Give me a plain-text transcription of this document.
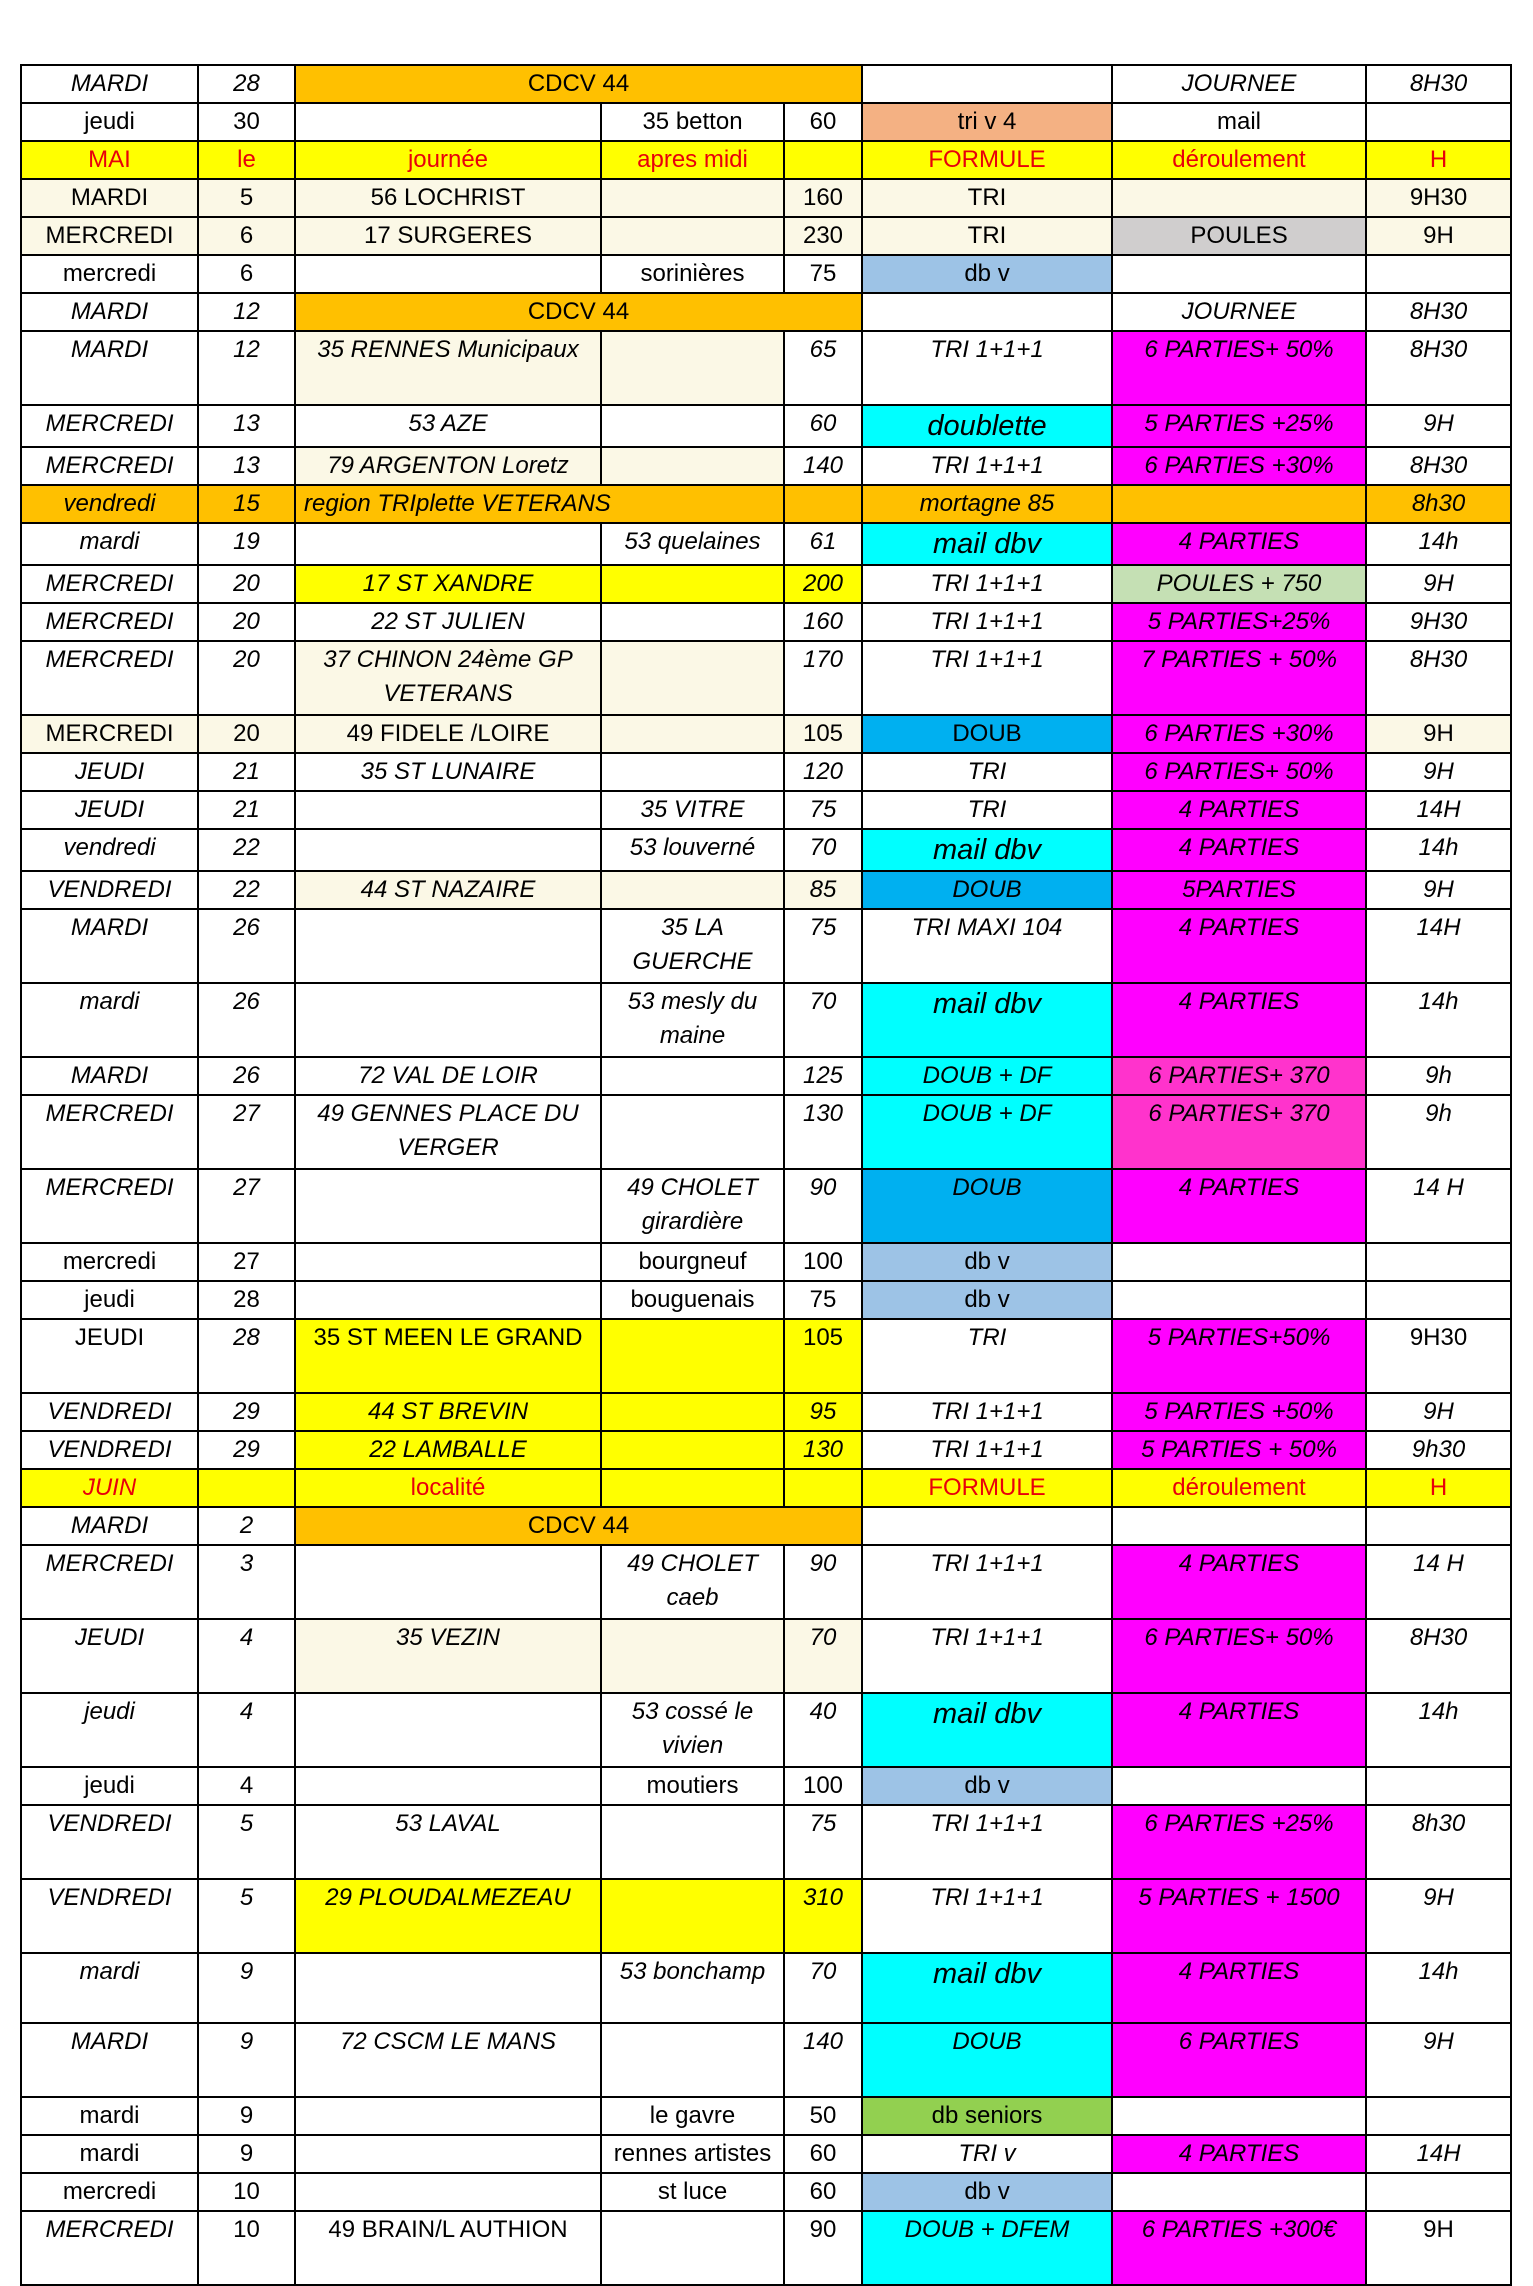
MARDI	28	CDCV 44				JOURNEE	8H30
jeudi	30		35 betton	60	tri v 4	mail	
MAI	le	journée	apres midi		FORMULE	déroulement	H
MARDI	5	56 LOCHRIST		160	TRI		9H30
MERCREDI	6	17 SURGERES		230	TRI	POULES	9H
mercredi	6		sorinières	75	db v		
MARDI	12	CDCV 44				JOURNEE	8H30
MARDI	12	35 RENNES Municipaux		65	TRI 1+1+1	6 PARTIES+ 50%	8H30
MERCREDI	13	53 AZE		60	doublette	5 PARTIES +25%	9H
MERCREDI	13	79 ARGENTON Loretz		140	TRI 1+1+1	6 PARTIES +30%	8H30
vendredi	15	region TRIplette VETERANS			mortagne 85		8h30
mardi	19		53 quelaines	61	mail dbv	4 PARTIES	14h
MERCREDI	20	17 ST XANDRE		200	TRI 1+1+1	POULES + 750	9H
MERCREDI	20	22 ST JULIEN		160	TRI 1+1+1	5 PARTIES+25%	9H30
MERCREDI	20	37 CHINON 24ème GP VETERANS		170	TRI 1+1+1	7 PARTIES + 50%	8H30
MERCREDI	20	49 FIDELE /LOIRE		105	DOUB	6 PARTIES +30%	9H
JEUDI	21	35 ST LUNAIRE		120	TRI	6 PARTIES+ 50%	9H
JEUDI	21		35 VITRE	75	TRI	4 PARTIES	14H
vendredi	22		53 louverné	70	mail dbv	4 PARTIES	14h
VENDREDI	22	44 ST NAZAIRE		85	DOUB	5PARTIES	9H
MARDI	26		35 LA GUERCHE	75	TRI MAXI 104	4 PARTIES	14H
mardi	26		53 mesly du maine	70	mail dbv	4 PARTIES	14h
MARDI	26	72 VAL DE LOIR		125	DOUB + DF	6 PARTIES+ 370	9h
MERCREDI	27	49 GENNES PLACE DU VERGER		130	DOUB + DF	6 PARTIES+ 370	9h
MERCREDI	27		49 CHOLET girardière	90	DOUB	4 PARTIES	14 H
mercredi	27		bourgneuf	100	db v		
jeudi	28		bouguenais	75	db v		
JEUDI	28	35 ST MEEN LE GRAND		105	TRI	5 PARTIES+50%	9H30
VENDREDI	29	44 ST BREVIN		95	TRI 1+1+1	5 PARTIES +50%	9H
VENDREDI	29	22 LAMBALLE		130	TRI 1+1+1	5 PARTIES + 50%	9h30
JUIN		localité			FORMULE	déroulement	H
MARDI	2	CDCV 44					
MERCREDI	3		49 CHOLET caeb	90	TRI 1+1+1	4 PARTIES	14 H
JEUDI	4	35 VEZIN		70	TRI 1+1+1	6 PARTIES+ 50%	8H30
jeudi	4		53 cossé le vivien	40	mail dbv	4 PARTIES	14h
jeudi	4		moutiers	100	db v		
VENDREDI	5	53 LAVAL		75	TRI 1+1+1	6 PARTIES +25%	8h30
VENDREDI	5	29 PLOUDALMEZEAU		310	TRI 1+1+1	5 PARTIES + 1500	9H
mardi	9		53 bonchamp	70	mail dbv	4 PARTIES	14h
MARDI	9	72 CSCM LE MANS		140	DOUB	6 PARTIES	9H
mardi	9		le gavre	50	db seniors		
mardi	9		rennes artistes	60	TRI v	4 PARTIES	14H
mercredi	10		st luce	60	db v		
MERCREDI	10	49 BRAIN/L AUTHION		90	DOUB + DFEM	6 PARTIES +300€	9H
